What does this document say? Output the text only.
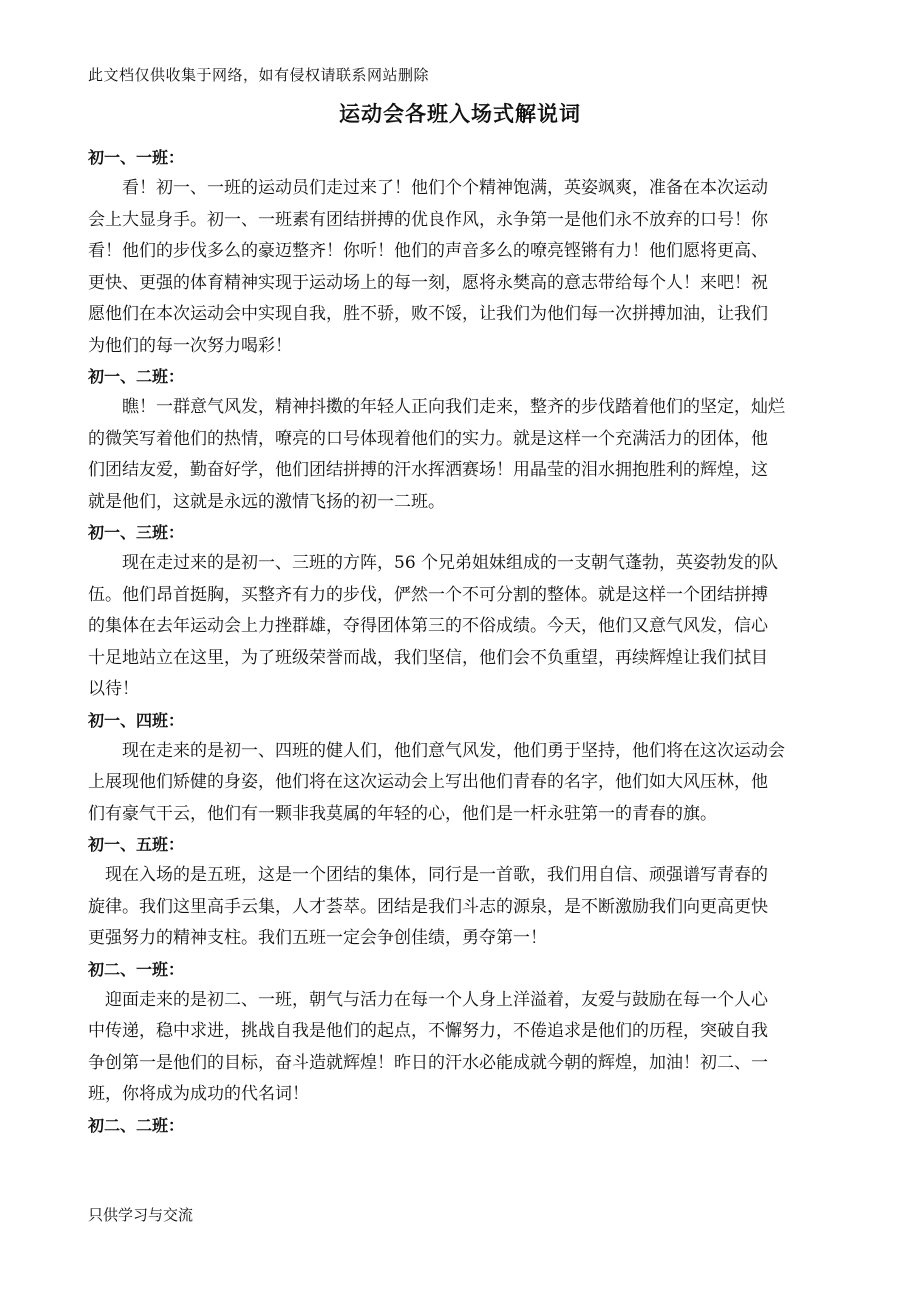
此文档仅供收集于网络，如有侵权请联系网站删除
运动会各班入场式解说词
初一、一班：
　　看！初一、一班的运动员们走过来了！他们个个精神饱满，英姿飒爽，准备在本次运动
会上大显身手。初一、一班素有团结拼搏的优良作风，永争第一是他们永不放弃的口号！你
看！他们的步伐多么的豪迈整齐！你听！他们的声音多么的嘹亮铿锵有力！他们愿将更高、
更快、更强的体育精神实现于运动场上的每一刻，愿将永樊高的意志带给每个人！来吧！祝
愿他们在本次运动会中实现自我，胜不骄，败不馁，让我们为他们每一次拼搏加油，让我们
为他们的每一次努力喝彩！
初一、二班：
　　瞧！一群意气风发，精神抖擞的年轻人正向我们走来，整齐的步伐踏着他们的坚定，灿烂
的微笑写着他们的热情，嘹亮的口号体现着他们的实力。就是这样一个充满活力的团体，他
们团结友爱，勤奋好学，他们团结拼搏的汗水挥洒赛场！用晶莹的泪水拥抱胜利的辉煌，这
就是他们，这就是永远的激情飞扬的初一二班。
初一、三班：
　　现在走过来的是初一、三班的方阵，56 个兄弟姐妹组成的一支朝气蓬勃，英姿勃发的队
伍。他们昂首挺胸，买整齐有力的步伐，俨然一个不可分割的整体。就是这样一个团结拼搏
的集体在去年运动会上力挫群雄，夺得团体第三的不俗成绩。今天，他们又意气风发，信心
十足地站立在这里，为了班级荣誉而战，我们坚信，他们会不负重望，再续辉煌让我们拭目
以待！
初一、四班：
　　现在走来的是初一、四班的健人们，他们意气风发，他们勇于坚持，他们将在这次运动会
上展现他们矫健的身姿，他们将在这次运动会上写出他们青春的名字，他们如大风压林，他
们有豪气干云，他们有一颗非我莫属的年轻的心，他们是一杆永驻第一的青春的旗。
初一、五班：
　现在入场的是五班，这是一个团结的集体，同行是一首歌，我们用自信、顽强谱写青春的
旋律。我们这里高手云集，人才荟萃。团结是我们斗志的源泉，是不断激励我们向更高更快
更强努力的精神支柱。我们五班一定会争创佳绩，勇夺第一！
初二、一班：
　迎面走来的是初二、一班，朝气与活力在每一个人身上洋溢着，友爱与鼓励在每一个人心
中传递，稳中求进，挑战自我是他们的起点，不懈努力，不倦追求是他们的历程，突破自我
争创第一是他们的目标，奋斗造就辉煌！昨日的汗水必能成就今朝的辉煌，加油！初二、一
班，你将成为成功的代名词！
初二、二班：
只供学习与交流
